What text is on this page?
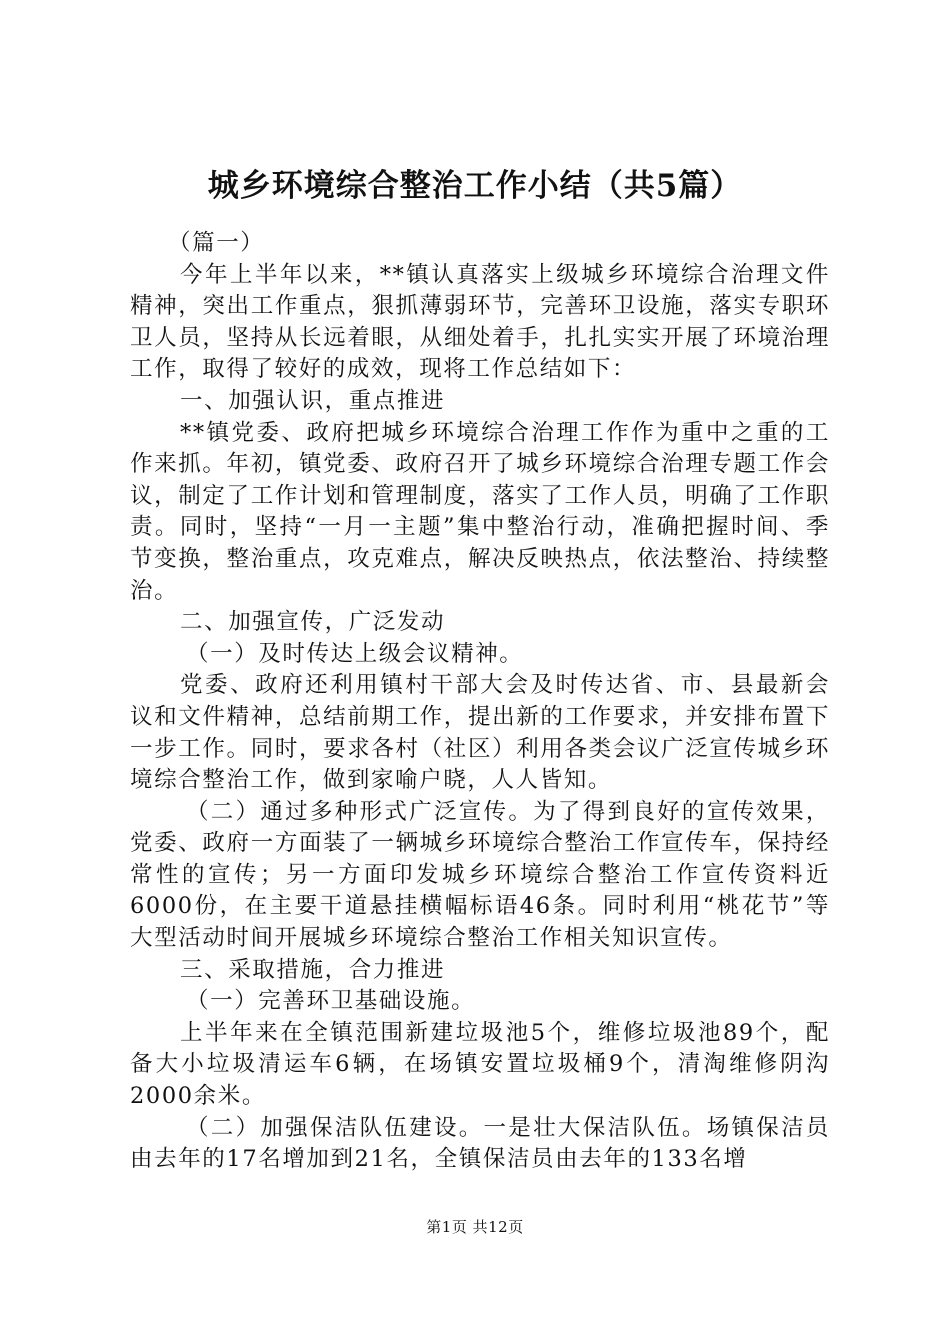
城乡环境综合整治工作小结（共5篇）

（篇一）

今年上半年以来，**镇认真落实上级城乡环境综合治理文件精神，突出工作重点，狠抓薄弱环节，完善环卫设施，落实专职环卫人员，坚持从长远着眼，从细处着手，扎扎实实开展了环境治理工作，取得了较好的成效，现将工作总结如下：

一、加强认识，重点推进

**镇党委、政府把城乡环境综合治理工作作为重中之重的工作来抓。年初，镇党委、政府召开了城乡环境综合治理专题工作会议，制定了工作计划和管理制度，落实了工作人员，明确了工作职责。同时，坚持“一月一主题”集中整治行动，准确把握时间、季节变换，整治重点，攻克难点，解决反映热点，依法整治、持续整治。

二、加强宣传，广泛发动

（一）及时传达上级会议精神。

党委、政府还利用镇村干部大会及时传达省、市、县最新会议和文件精神，总结前期工作，提出新的工作要求，并安排布置下一步工作。同时，要求各村（社区）利用各类会议广泛宣传城乡环境综合整治工作，做到家喻户晓，人人皆知。

（二）通过多种形式广泛宣传。为了得到良好的宣传效果，党委、政府一方面装了一辆城乡环境综合整治工作宣传车，保持经常性的宣传；另一方面印发城乡环境综合整治工作宣传资料近6000份，在主要干道悬挂横幅标语46条。同时利用“桃花节”等大型活动时间开展城乡环境综合整治工作相关知识宣传。

三、采取措施，合力推进

（一）完善环卫基础设施。

上半年来在全镇范围新建垃圾池5个，维修垃圾池89个，配备大小垃圾清运车6辆，在场镇安置垃圾桶9个，清淘维修阴沟2000余米。

（二）加强保洁队伍建设。一是壮大保洁队伍。场镇保洁员由去年的17名增加到21名，全镇保洁员由去年的133名增

第1页 共12页
